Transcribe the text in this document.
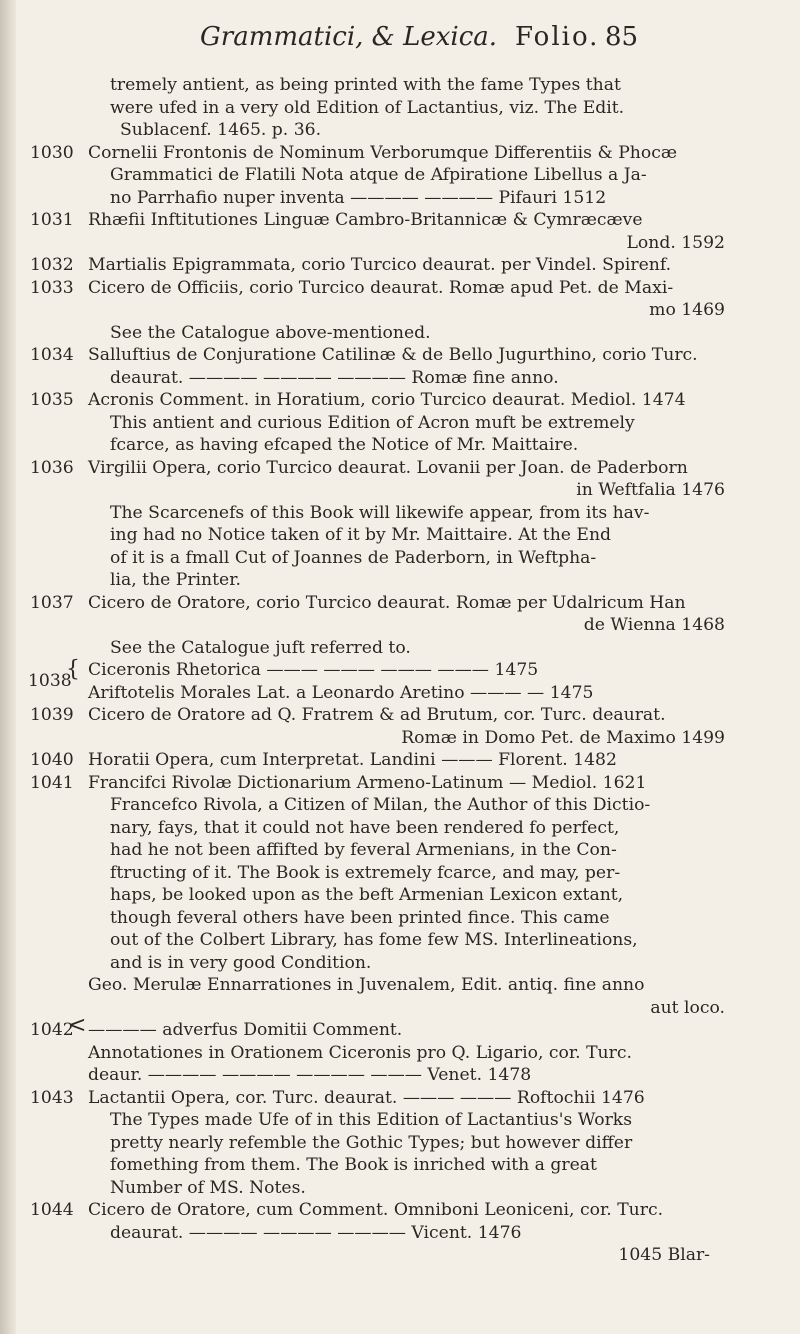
Grammatici, & Lexica. Folio. 85
tremely antient, as being printed with the fame Types that
were ufed in a very old Edition of Lactantius, viz. The Edit.
Sublacenf. 1465. p. 36.
1030 Cornelii Frontonis de Nominum Verborumque Differentiis & Phocæ
Grammatici de Flatili Nota atque de Afpiratione Libellus a Ja-
no Parrhafio nuper inventa ———— ———— Pifauri 1512
1031 Rhæfii Inftitutiones Linguæ Cambro-Britannicæ & Cymræcæve
Lond. 1592
1032 Martialis Epigrammata, corio Turcico deaurat. per Vindel. Spirenf.
1033 Cicero de Officiis, corio Turcico deaurat. Romæ apud Pet. de Maxi-
mo 1469
See the Catalogue above-mentioned.
1034 Salluftius de Conjuratione Catilinæ & de Bello Jugurthino, corio Turc.
deaurat. ———— ———— ———— Romæ fine anno.
1035 Acronis Comment. in Horatium, corio Turcico deaurat. Mediol. 1474
This antient and curious Edition of Acron muft be extremely
fcarce, as having efcaped the Notice of Mr. Maittaire.
1036 Virgilii Opera, corio Turcico deaurat. Lovanii per Joan. de Paderborn
in Weftfalia 1476
The Scarcenefs of this Book will likewife appear, from its hav-
ing had no Notice taken of it by Mr. Maittaire. At the End
of it is a fmall Cut of Joannes de Paderborn, in Weftpha-
lia, the Printer.
1037 Cicero de Oratore, corio Turcico deaurat. Romæ per Udalricum Han
de Wienna 1468
See the Catalogue juft referred to.
1038
{ Ciceronis Rhetorica ——— ——— ——— ——— 1475
Ariftotelis Morales Lat. a Leonardo Aretino ——— — 1475
1039 Cicero de Oratore ad Q. Fratrem & ad Brutum, cor. Turc. deaurat.
Romæ in Domo Pet. de Maximo 1499
1040 Horatii Opera, cum Interpretat. Landini ——— Florent. 1482
1041 Francifci Rivolæ Dictionarium Armeno-Latinum — Mediol. 1621
Francefco Rivola, a Citizen of Milan, the Author of this Dictio-
nary, fays, that it could not have been rendered fo perfect,
had he not been affifted by feveral Armenians, in the Con-
ftructing of it. The Book is extremely fcarce, and may, per-
haps, be looked upon as the beft Armenian Lexicon extant,
though feveral others have been printed fince. This came
out of the Colbert Library, has fome few MS. Interlineations,
and is in very good Condition.
Geo. Merulæ Ennarrationes in Juvenalem, Edit. antiq. fine anno
aut loco.
1042
< ———— adverfus Domitii Comment.
Annotationes in Orationem Ciceronis pro Q. Ligario, cor. Turc.
deaur. ———— ———— ———— ——— Venet. 1478
1043 Lactantii Opera, cor. Turc. deaurat. ——— ——— Roftochii 1476
The Types made Ufe of in this Edition of Lactantius's Works
pretty nearly refemble the Gothic Types; but however differ
fomething from them. The Book is inriched with a great
Number of MS. Notes.
1044 Cicero de Oratore, cum Comment. Omniboni Leoniceni, cor. Turc.
deaurat. ———— ———— ———— Vicent. 1476
1045 Blar-
